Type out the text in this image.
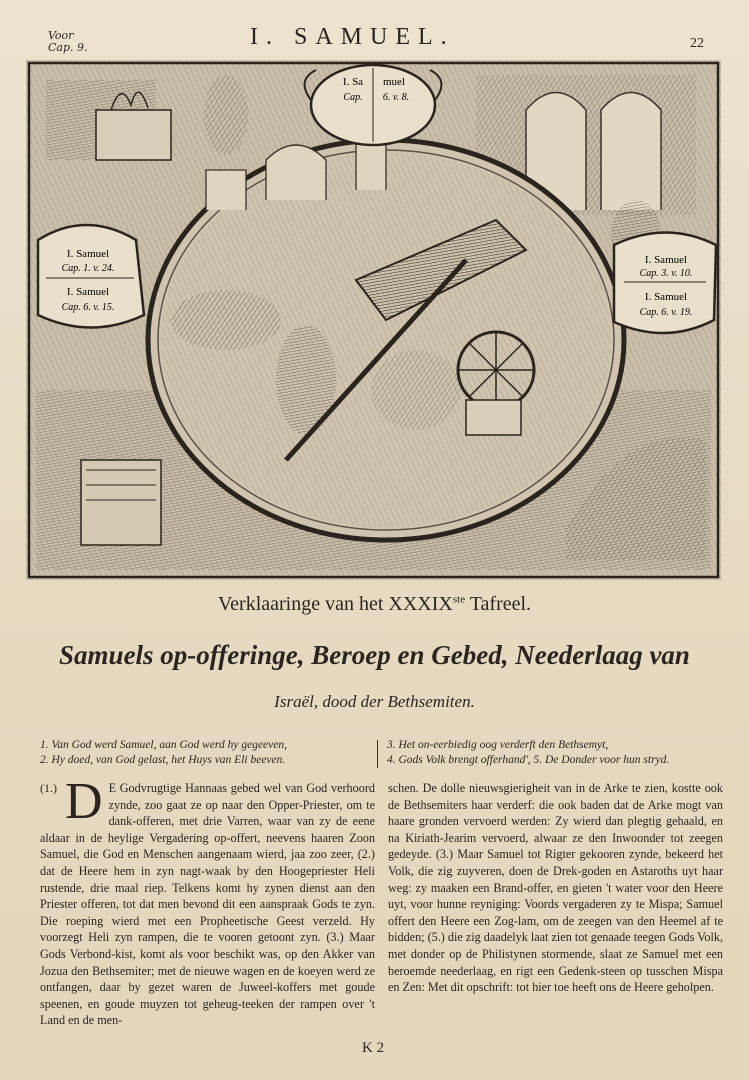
Voor
Cap. 9.	I. SAMUEL.	22
I. Sa muel
Cap. 6. v. 8.
I. Samuel
Cap. 1. v. 24.
I. Samuel
Cap. 6. v. 15.
I. Samuel
Cap. 3. v. 10.
I. Samuel
Cap. 6. v. 19.
Verklaaringe van het XXXIXste Tafreel.
Samuels op-offeringe, Beroep en Gebed, Neederlaag van
Israël, dood der Bethsemiten.
1. Van God werd Samuel, aan God werd hy gegeeven,
2. Hy doed, van God gelast, het Huys van Eli beeven.
3. Het on-eerbiedig oog verderft den Bethsemyt,
4. Gods Volk brengt offerhand', 5. De Donder voor hun stryd.
(1.) D E Godvrugtige Hannaas gebed wel van God verhoord zynde, zoo gaat ze op naar den Opper-Priester, om te dank-offeren, met drie Varren, waar van zy de eene aldaar in de heylige Vergadering op-offert, neevens haaren Zoon Samuel, die God en Menschen aangenaam wierd, jaa zoo zeer, (2.) dat de Heere hem in zyn nagt-waak by den Hoogepriester Heli rustende, drie maal riep. Telkens komt hy zynen dienst aan den Priester offeren, tot dat men bevond dit een aanspraak Gods te zyn. Die roeping wierd met een Propheetische Geest verzeld. Hy voorzegt Heli zyn rampen, die te vooren getoont zyn. (3.) Maar Gods Verbond-kist, komt als voor beschikt was, op den Akker van Jozua den Bethsemiter; met de nieuwe wagen en de koeyen werd ze ontfangen, daar by gezet waren de Juweel-koffers met goude speenen, en goude muyzen tot geheug-teeken der rampen over 't Land en de men-
schen. De dolle nieuwsgierigheit van in de Arke te zien, kostte ook de Bethsemiters haar verderf: die ook baden dat de Arke mogt van haare gronden vervoerd werden: Zy wierd dan plegtig gehaald, en na Kiriath-Jearim vervoerd, alwaar ze den Inwoonder tot zeegen gedeyde. (3.) Maar Samuel tot Rigter gekooren zynde, bekeerd het Volk, die zig zuyveren, doen de Drek-goden en Astaroths uyt haar weg: zy maaken een Brand-offer, en gieten 't water voor den Heere uyt, voor hunne reyniging: Voords vergaderen zy te Mispa; Samuel offert den Heere een Zog-lam, om de zeegen van den Heemel af te bidden; (5.) die zig daadelyk laat zien tot genaade teegen Gods Volk, met donder op de Philistynen stormende, slaat ze Samuel met een beroemde neederlaag, en rigt een Gedenk-steen op tusschen Mispa en Zen: Met dit opschrift: tot hier toe heeft ons de Heere geholpen.
K 2
